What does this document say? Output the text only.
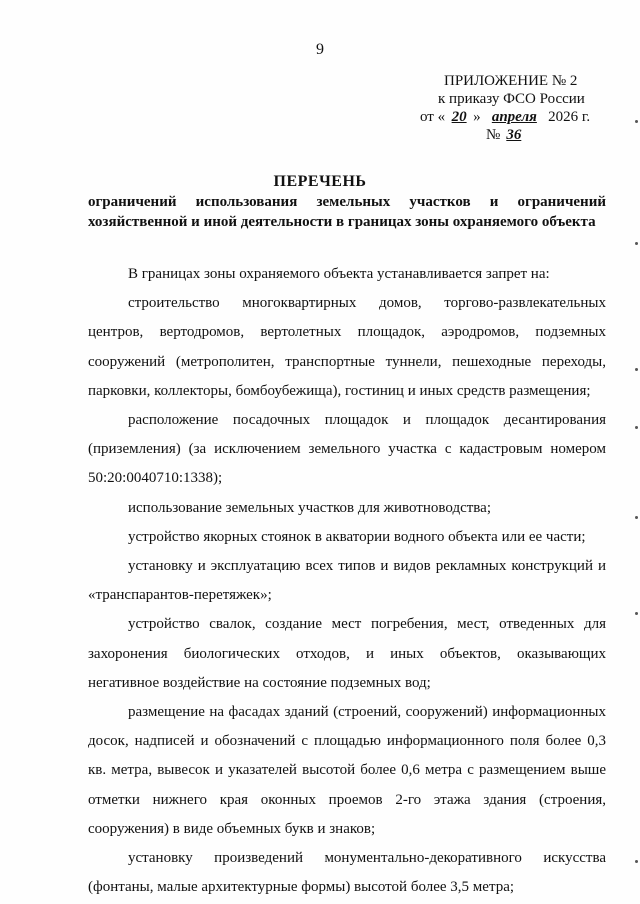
9
ПРИЛОЖЕНИЕ № 2
к приказу ФСО России
от « 20 » апреля 2026 г.
№ 36
ПЕРЕЧЕНЬ
ограничений использования земельных участков и ограничений
хозяйственной и иной деятельности в границах зоны охраняемого объекта

В границах зоны охраняемого объекта устанавливается запрет на:

строительство многоквартирных домов, торгово-развлекательных центров, вертодромов, вертолетных площадок, аэродромов, подземных сооружений (метрополитен, транспортные туннели, пешеходные переходы, парковки, коллекторы, бомбоубежища), гостиниц и иных средств размещения;

расположение посадочных площадок и площадок десантирования (приземления) (за исключением земельного участка с кадастровым номером 50:20:0040710:1338);

использование земельных участков для животноводства;

устройство якорных стоянок в акватории водного объекта или ее части;

установку и эксплуатацию всех типов и видов рекламных конструкций и «транспарантов-перетяжек»;

устройство свалок, создание мест погребения, мест, отведенных для захоронения биологических отходов, и иных объектов, оказывающих негативное воздействие на состояние подземных вод;

размещение на фасадах зданий (строений, сооружений) информационных досок, надписей и обозначений с площадью информационного поля более 0,3 кв. метра, вывесок и указателей высотой более 0,6 метра с размещением выше отметки нижнего края оконных проемов 2-го этажа здания (строения, сооружения) в виде объемных букв и знаков;

установку произведений монументально-декоративного искусства (фонтаны, малые архитектурные формы) высотой более 3,5 метра;
